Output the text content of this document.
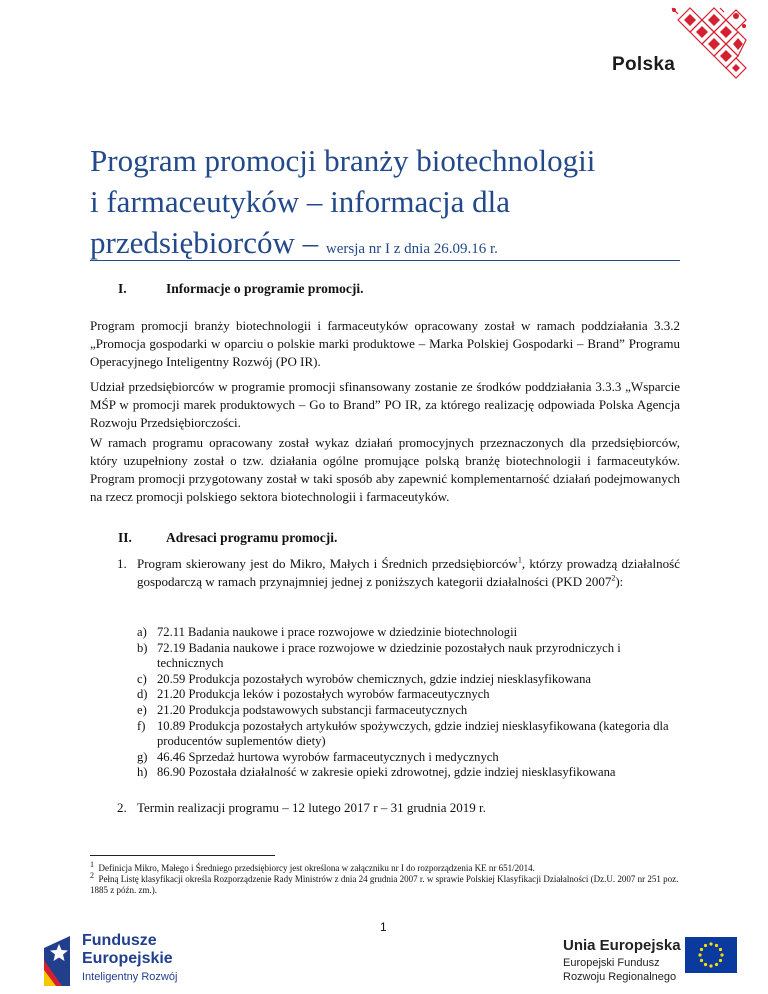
Polska
Program promocji branży biotechnologii
i farmaceutyków – informacja dla
przedsiębiorców – wersja nr I z dnia 26.09.16 r.
I.	Informacje o programie promocji.

Program promocji branży biotechnologii i farmaceutyków opracowany został w ramach poddziałania 3.3.2 „Promocja gospodarki w oparciu o polskie marki produktowe – Marka Polskiej Gospodarki – Brand” Programu Operacyjnego Inteligentny Rozwój (PO IR).

Udział przedsiębiorców w programie promocji sfinansowany zostanie ze środków poddziałania 3.3.3 „Wsparcie MŚP w promocji marek produktowych – Go to Brand” PO IR, za którego realizację odpowiada Polska Agencja Rozwoju Przedsiębiorczości.

W ramach programu opracowany został wykaz działań promocyjnych przeznaczonych dla przedsiębiorców, który uzupełniony został o tzw. działania ogólne promujące polską branżę biotechnologii i farmaceutyków. Program promocji przygotowany został w taki sposób aby zapewnić komplementarność działań podejmowanych na rzecz promocji polskiego sektora biotechnologii i farmaceutyków.

II.	Adresaci programu promocji.
1. Program skierowany jest do Mikro, Małych i Średnich przedsiębiorców$^1$, którzy prowadzą działalność gospodarczą w ramach przynajmniej jednej z poniższych kategorii działalności (PKD 2007$^2$):
a) 72.11 Badania naukowe i prace rozwojowe w dziedzinie biotechnologii
b) 72.19 Badania naukowe i prace rozwojowe w dziedzinie pozostałych nauk przyrodniczych i technicznych
c) 20.59 Produkcja pozostałych wyrobów chemicznych, gdzie indziej niesklasyfikowana
d) 21.20 Produkcja leków i pozostałych wyrobów farmaceutycznych
e) 21.20 Produkcja podstawowych substancji farmaceutycznych
f) 10.89 Produkcja pozostałych artykułów spożywczych, gdzie indziej niesklasyfikowana (kategoria dla producentów suplementów diety)
g) 46.46 Sprzedaż hurtowa wyrobów farmaceutycznych i medycznych
h) 86.90 Pozostała działalność w zakresie opieki zdrowotnej, gdzie indziej niesklasyfikowana
2. Termin realizacji programu – 12 lutego 2017 r – 31 grudnia 2019 r.
$^1$ Definicja Mikro, Małego i Średniego przedsiębiorcy jest określona w załączniku nr I do rozporządzenia KE nr 651/2014.
$^2$ Pełną Listę klasyfikacji określa Rozporządzenie Rady Ministrów z dnia 24 grudnia 2007 r. w sprawie Polskiej Klasyfikacji Działalności (Dz.U. 2007 nr 251 poz. 1885 z późn. zm.).
1
Fundusze
Europejskie
Inteligentny Rozwój
Unia Europejska
Europejski Fundusz
Rozwoju Regionalnego
